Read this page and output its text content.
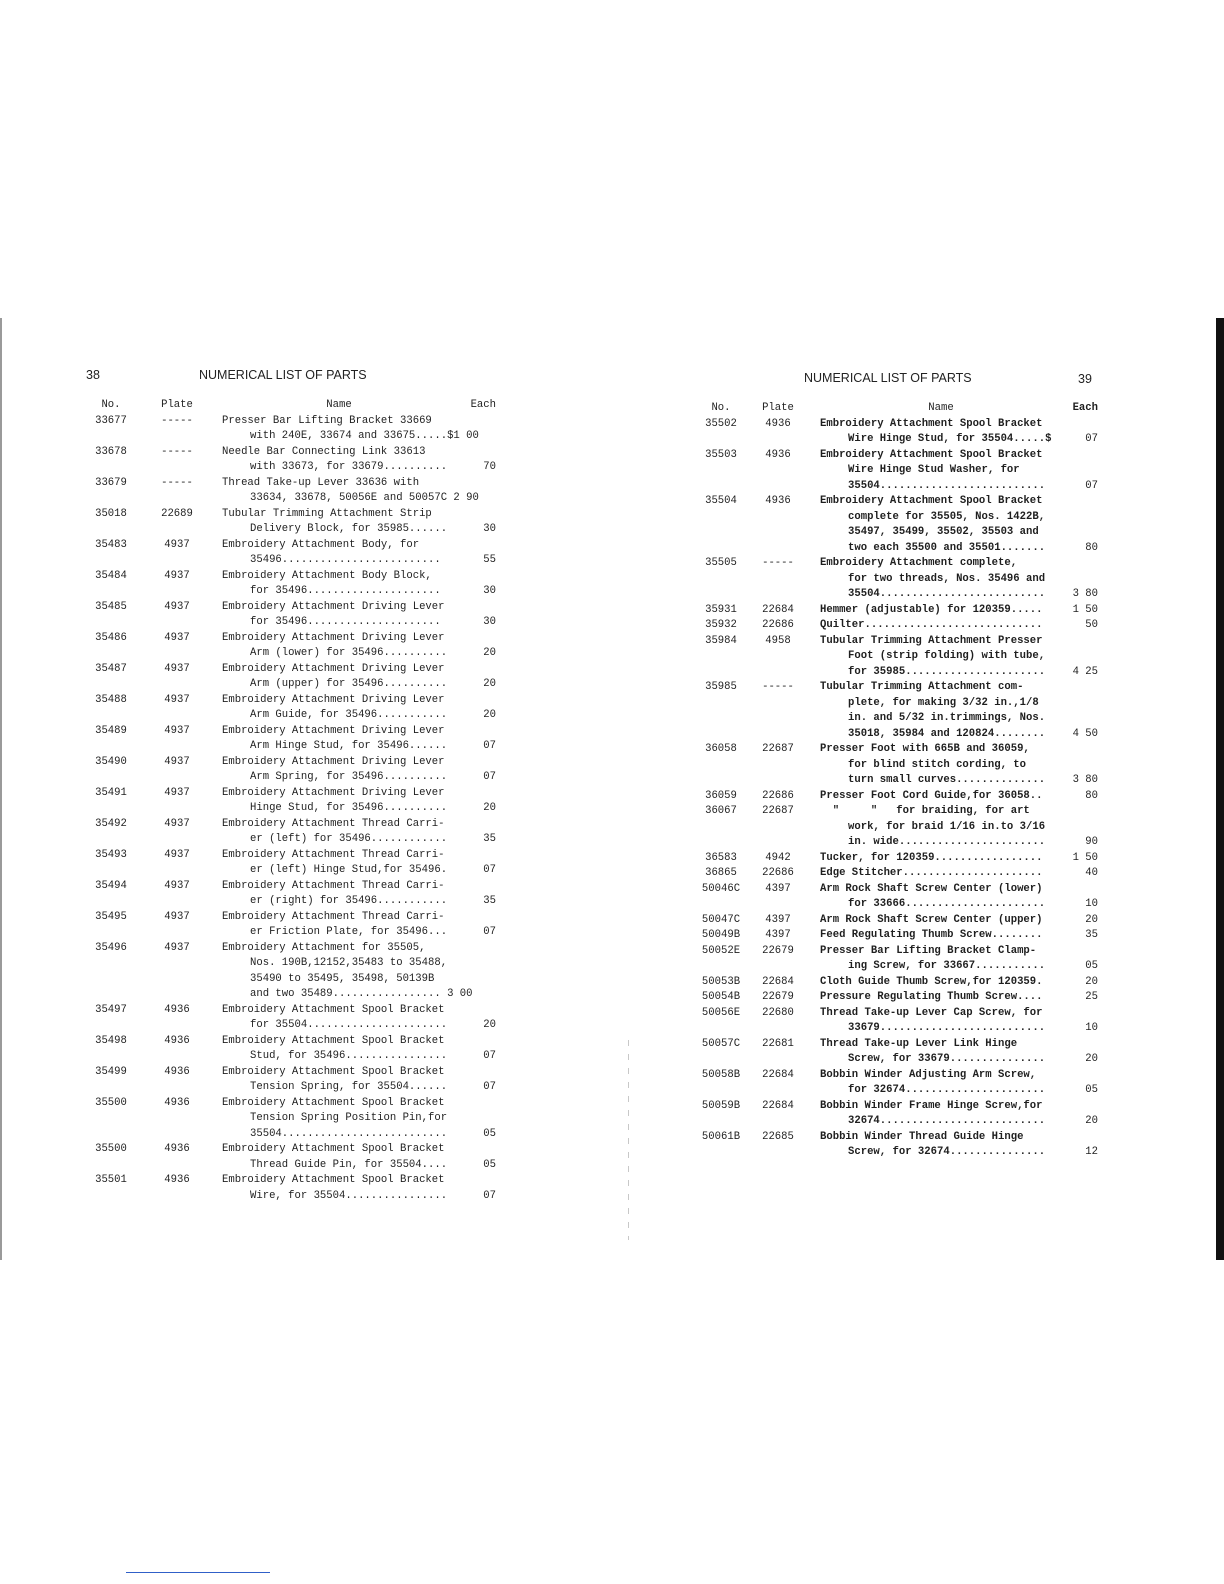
38	NUMERICAL LIST OF PARTS
No.	Plate	Name	Each
33677	-----	Presser Bar Lifting Bracket 33669
with 240E, 33674 and 33675.....$1 00
33678	-----	Needle Bar Connecting Link 33613
with 33673, for 33679..........	70
33679	-----	Thread Take-up Lever 33636 with
33634, 33678, 50056E and 50057C 2 90
35018	22689	Tubular Trimming Attachment Strip
Delivery Block, for 35985......	30
35483	4937	Embroidery Attachment Body, for
35496.........................	55
35484	4937	Embroidery Attachment Body Block,
for 35496.....................	30
35485	4937	Embroidery Attachment Driving Lever
for 35496.....................	30
35486	4937	Embroidery Attachment Driving Lever
Arm (lower) for 35496..........	20
35487	4937	Embroidery Attachment Driving Lever
Arm (upper) for 35496..........	20
35488	4937	Embroidery Attachment Driving Lever
Arm Guide, for 35496...........	20
35489	4937	Embroidery Attachment Driving Lever
Arm Hinge Stud, for 35496......	07
35490	4937	Embroidery Attachment Driving Lever
Arm Spring, for 35496..........	07
35491	4937	Embroidery Attachment Driving Lever
Hinge Stud, for 35496..........	20
35492	4937	Embroidery Attachment Thread Carri-
er (left) for 35496............	35
35493	4937	Embroidery Attachment Thread Carri-
er (left) Hinge Stud,for 35496.	07
35494	4937	Embroidery Attachment Thread Carri-
er (right) for 35496...........	35
35495	4937	Embroidery Attachment Thread Carri-
er Friction Plate, for 35496...	07
35496	4937	Embroidery Attachment for 35505,
Nos. 190B,12152,35483 to 35488,
35490 to 35495, 35498, 50139B
and two 35489................. 3 00
35497	4936	Embroidery Attachment Spool Bracket
for 35504......................	20
35498	4936	Embroidery Attachment Spool Bracket
Stud, for 35496................	07
35499	4936	Embroidery Attachment Spool Bracket
Tension Spring, for 35504......	07
35500	4936	Embroidery Attachment Spool Bracket
Tension Spring Position Pin,for
35504..........................	05
35500	4936	Embroidery Attachment Spool Bracket
Thread Guide Pin, for 35504....	05
35501	4936	Embroidery Attachment Spool Bracket
Wire, for 35504................	07
NUMERICAL LIST OF PARTS	39
No.	Plate	Name	Each
35502	4936	Embroidery Attachment Spool Bracket
Wire Hinge Stud, for 35504.....$	07
35503	4936	Embroidery Attachment Spool Bracket
Wire Hinge Stud Washer, for
35504..........................	07
35504	4936	Embroidery Attachment Spool Bracket
complete for 35505, Nos. 1422B,
35497, 35499, 35502, 35503 and
two each 35500 and 35501.......	80
35505	-----	Embroidery Attachment complete,
for two threads, Nos. 35496 and
35504..........................	3 80
35931	22684	Hemmer (adjustable) for 120359.....	1 50
35932	22686	Quilter............................	50
35984	4958	Tubular Trimming Attachment Presser
Foot (strip folding) with tube,
for 35985......................	4 25
35985	-----	Tubular Trimming Attachment com-
plete, for making 3/32 in.,1/8
in. and 5/32 in.trimmings, Nos.
35018, 35984 and 120824........	4 50
36058	22687	Presser Foot with 665B and 36059,
for blind stitch cording, to
turn small curves..............	3 80
36059	22686	Presser Foot Cord Guide,for 36058..	80
36067	22687	"     "   for braiding, for art
work, for braid 1/16 in.to 3/16
in. wide.......................	90
36583	4942	Tucker, for 120359.................	1 50
36865	22686	Edge Stitcher......................	40
50046C	4397	Arm Rock Shaft Screw Center (lower)
for 33666......................	10
50047C	4397	Arm Rock Shaft Screw Center (upper)	20
50049B	4397	Feed Regulating Thumb Screw........	35
50052E	22679	Presser Bar Lifting Bracket Clamp-
ing Screw, for 33667...........	05
50053B	22684	Cloth Guide Thumb Screw,for 120359.	20
50054B	22679	Pressure Regulating Thumb Screw....	25
50056E	22680	Thread Take-up Lever Cap Screw, for
33679..........................	10
50057C	22681	Thread Take-up Lever Link Hinge
Screw, for 33679...............	20
50058B	22684	Bobbin Winder Adjusting Arm Screw,
for 32674......................	05
50059B	22684	Bobbin Winder Frame Hinge Screw,for
32674..........................	20
50061B	22685	Bobbin Winder Thread Guide Hinge
Screw, for 32674...............	12
